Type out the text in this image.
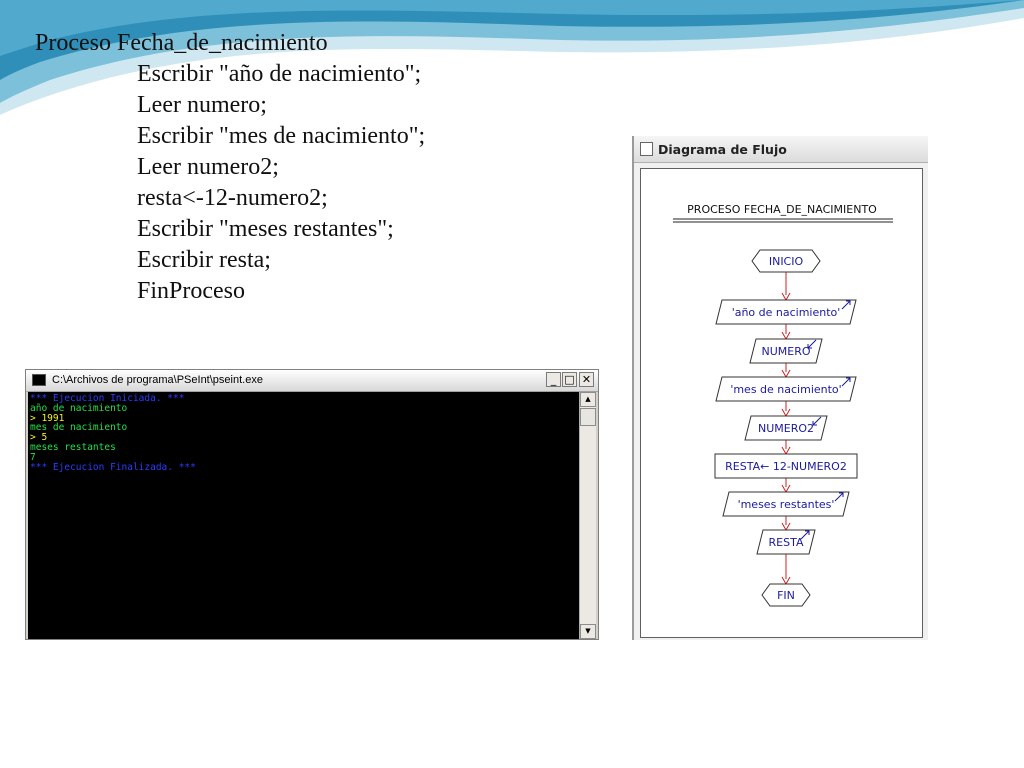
Proceso Fecha_de_nacimiento
Escribir "año de nacimiento";
Leer numero;
Escribir "mes de nacimiento";
Leer numero2;
resta<-12-numero2;
Escribir "meses restantes";
Escribir resta;
FinProceso
C:\Archivos de programa\PSeInt\pseint.exe	_ □ ✕
*** Ejecucion Iniciada. ***
año de nacimiento
> 1991
mes de nacimiento
> 5
meses restantes
7
*** Ejecucion Finalizada. ***
▲
▼
Diagrama de Flujo
PROCESO FECHA_DE_NACIMIENTO
INICIO
'año de nacimiento'
NUMERO
'mes de nacimiento'
NUMERO2
RESTA← 12-NUMERO2
'meses restantes'
RESTA
FIN
